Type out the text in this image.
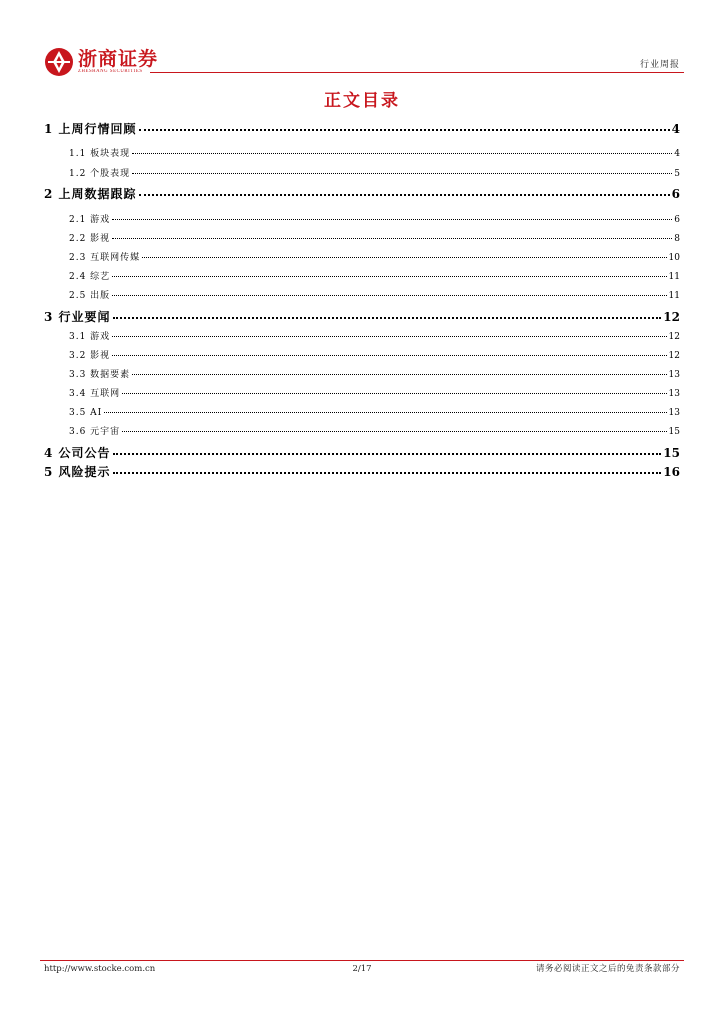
浙商证券
ZHESHANG SECURITIES
行业周报
正文目录
1 上周行情回顾	4
1.1 板块表现	4
1.2 个股表现	5
2 上周数据跟踪	6
2.1 游戏	6
2.2 影视	8
2.3 互联网传媒	10
2.4 综艺	11
2.5 出版	11
3 行业要闻	12
3.1 游戏	12
3.2 影视	12
3.3 数据要素	13
3.4 互联网	13
3.5 AI	13
3.6 元宇宙	15
4 公司公告	15
5 风险提示	16
http://www.stocke.com.cn	2/17	请务必阅读正文之后的免责条款部分
